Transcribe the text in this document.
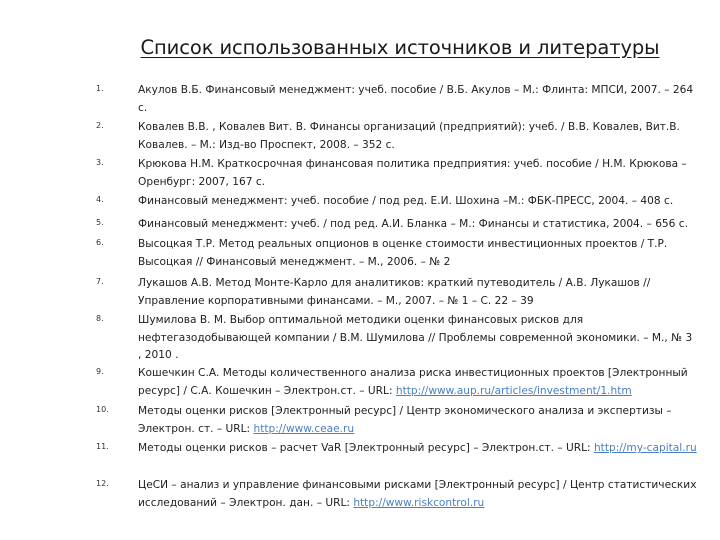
Список использованных источников и литературы
1.	Акулов В.Б. Финансовый менеджмент: учеб. пособие / В.Б. Акулов – М.: Флинта: МПСИ, 2007. – 264 с.
2.	Ковалев В.В. , Ковалев Вит. В. Финансы организаций (предприятий): учеб. / В.В. Ковалев, Вит.В. Ковалев. – М.: Изд-во Проспект, 2008. – 352 с.
3.	Крюкова Н.М. Краткосрочная финансовая политика предприятия: учеб. пособие / Н.М. Крюкова – Оренбург: 2007, 167 с.
4.	Финансовый менеджмент: учеб. пособие / под ред. Е.И. Шохина –М.: ФБК-ПРЕСС, 2004. – 408 с.
5.	Финансовый менеджмент: учеб. / под ред. А.И. Бланка – М.: Финансы и статистика, 2004. – 656 с.
6.	Высоцкая Т.Р. Метод реальных опционов в оценке стоимости инвестиционных проектов / Т.Р. Высоцкая // Финансовый менеджмент. – М., 2006. – № 2
7.	Лукашов А.В. Метод Монте-Карло для аналитиков: краткий путеводитель / А.В. Лукашов // Управление корпоративными финансами. – М., 2007. – № 1 – С. 22 – 39
8.	Шумилова В. М. Выбор оптимальной методики оценки финансовых рисков для нефтегазодобывающей компании / В.М. Шумилова // Проблемы современной экономики. – М., № 3 , 2010 .
9.	Кошечкин С.А. Методы количественного анализа риска инвестиционных проектов [Электронный ресурс] / С.А. Кошечкин – Электрон.ст. – URL: http://www.aup.ru/articles/investment/1.htm
10.	Методы оценки рисков [Электронный ресурс] / Центр экономического анализа и экспертизы – Электрон. ст. – URL: http://www.ceae.ru
11.	Методы оценки рисков – расчет VaR [Электронный ресурс] – Электрон.ст. – URL: http://my-capital.ru
12.	ЦеСИ – анализ и управление финансовыми рисками [Электронный ресурс] / Центр статистических исследований – Электрон. дан. – URL: http://www.riskcontrol.ru
